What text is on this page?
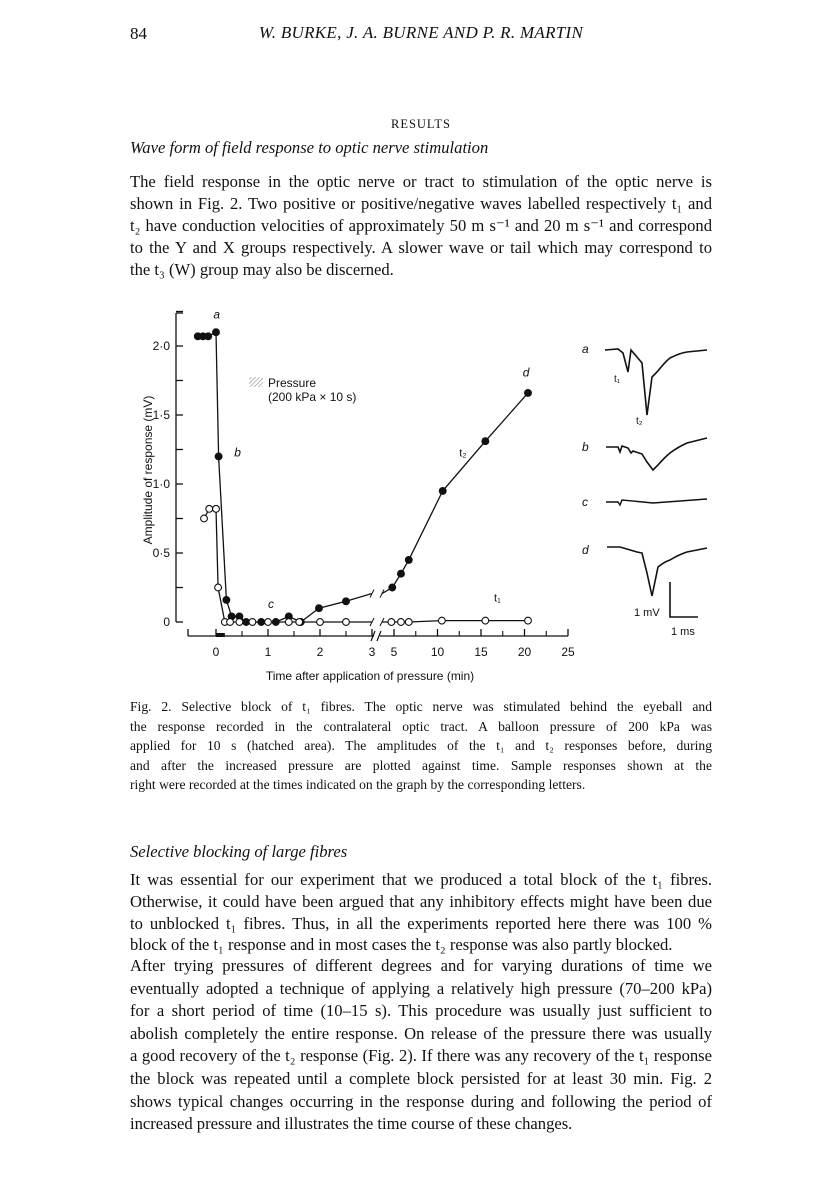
84	W. BURKE, J. A. BURNE AND P. R. MARTIN
RESULTS
Wave form of field response to optic nerve stimulation
The field response in the optic nerve or tract to stimulation of the optic nerve is
shown in Fig. 2. Two positive or positive/negative waves labelled respectively t₁ and
t₂ have conduction velocities of approximately 50 m s⁻¹ and 20 m s⁻¹ and correspond
to the Y and X groups respectively. A slower wave or tail which may correspond to
the t₃ (W) group may also be discerned.
0
0·5
1·0
1·5
2·0
0	1	2	3 5	10	15	20	25
a
b
c
d
t₂
t₁
Amplitude of response (mV)
Time after application of pressure (min)
Pressure
(200 kPa × 10 s)
a
t₁
t₂
b
c
d
1 mV
1 ms
Fig. 2. Selective block of t₁ fibres. The optic nerve was stimulated behind the eyeball and
the response recorded in the contralateral optic tract. A balloon pressure of 200 kPa was
applied for 10 s (hatched area). The amplitudes of the t₁ and t₂ responses before, during
and after the increased pressure are plotted against time. Sample responses shown at the
right were recorded at the times indicated on the graph by the corresponding letters.
Selective blocking of large fibres
It was essential for our experiment that we produced a total block of the t₁ fibres.
Otherwise, it could have been argued that any inhibitory effects might have been due
to unblocked t₁ fibres. Thus, in all the experiments reported here there was 100 %
block of the t₁ response and in most cases the t₂ response was also partly blocked.
After trying pressures of different degrees and for varying durations of time we
eventually adopted a technique of applying a relatively high pressure (70–200 kPa)
for a short period of time (10–15 s). This procedure was usually just sufficient to
abolish completely the entire response. On release of the pressure there was usually
a good recovery of the t₂ response (Fig. 2). If there was any recovery of the t₁ response
the block was repeated until a complete block persisted for at least 30 min. Fig. 2
shows typical changes occurring in the response during and following the period of
increased pressure and illustrates the time course of these changes.
